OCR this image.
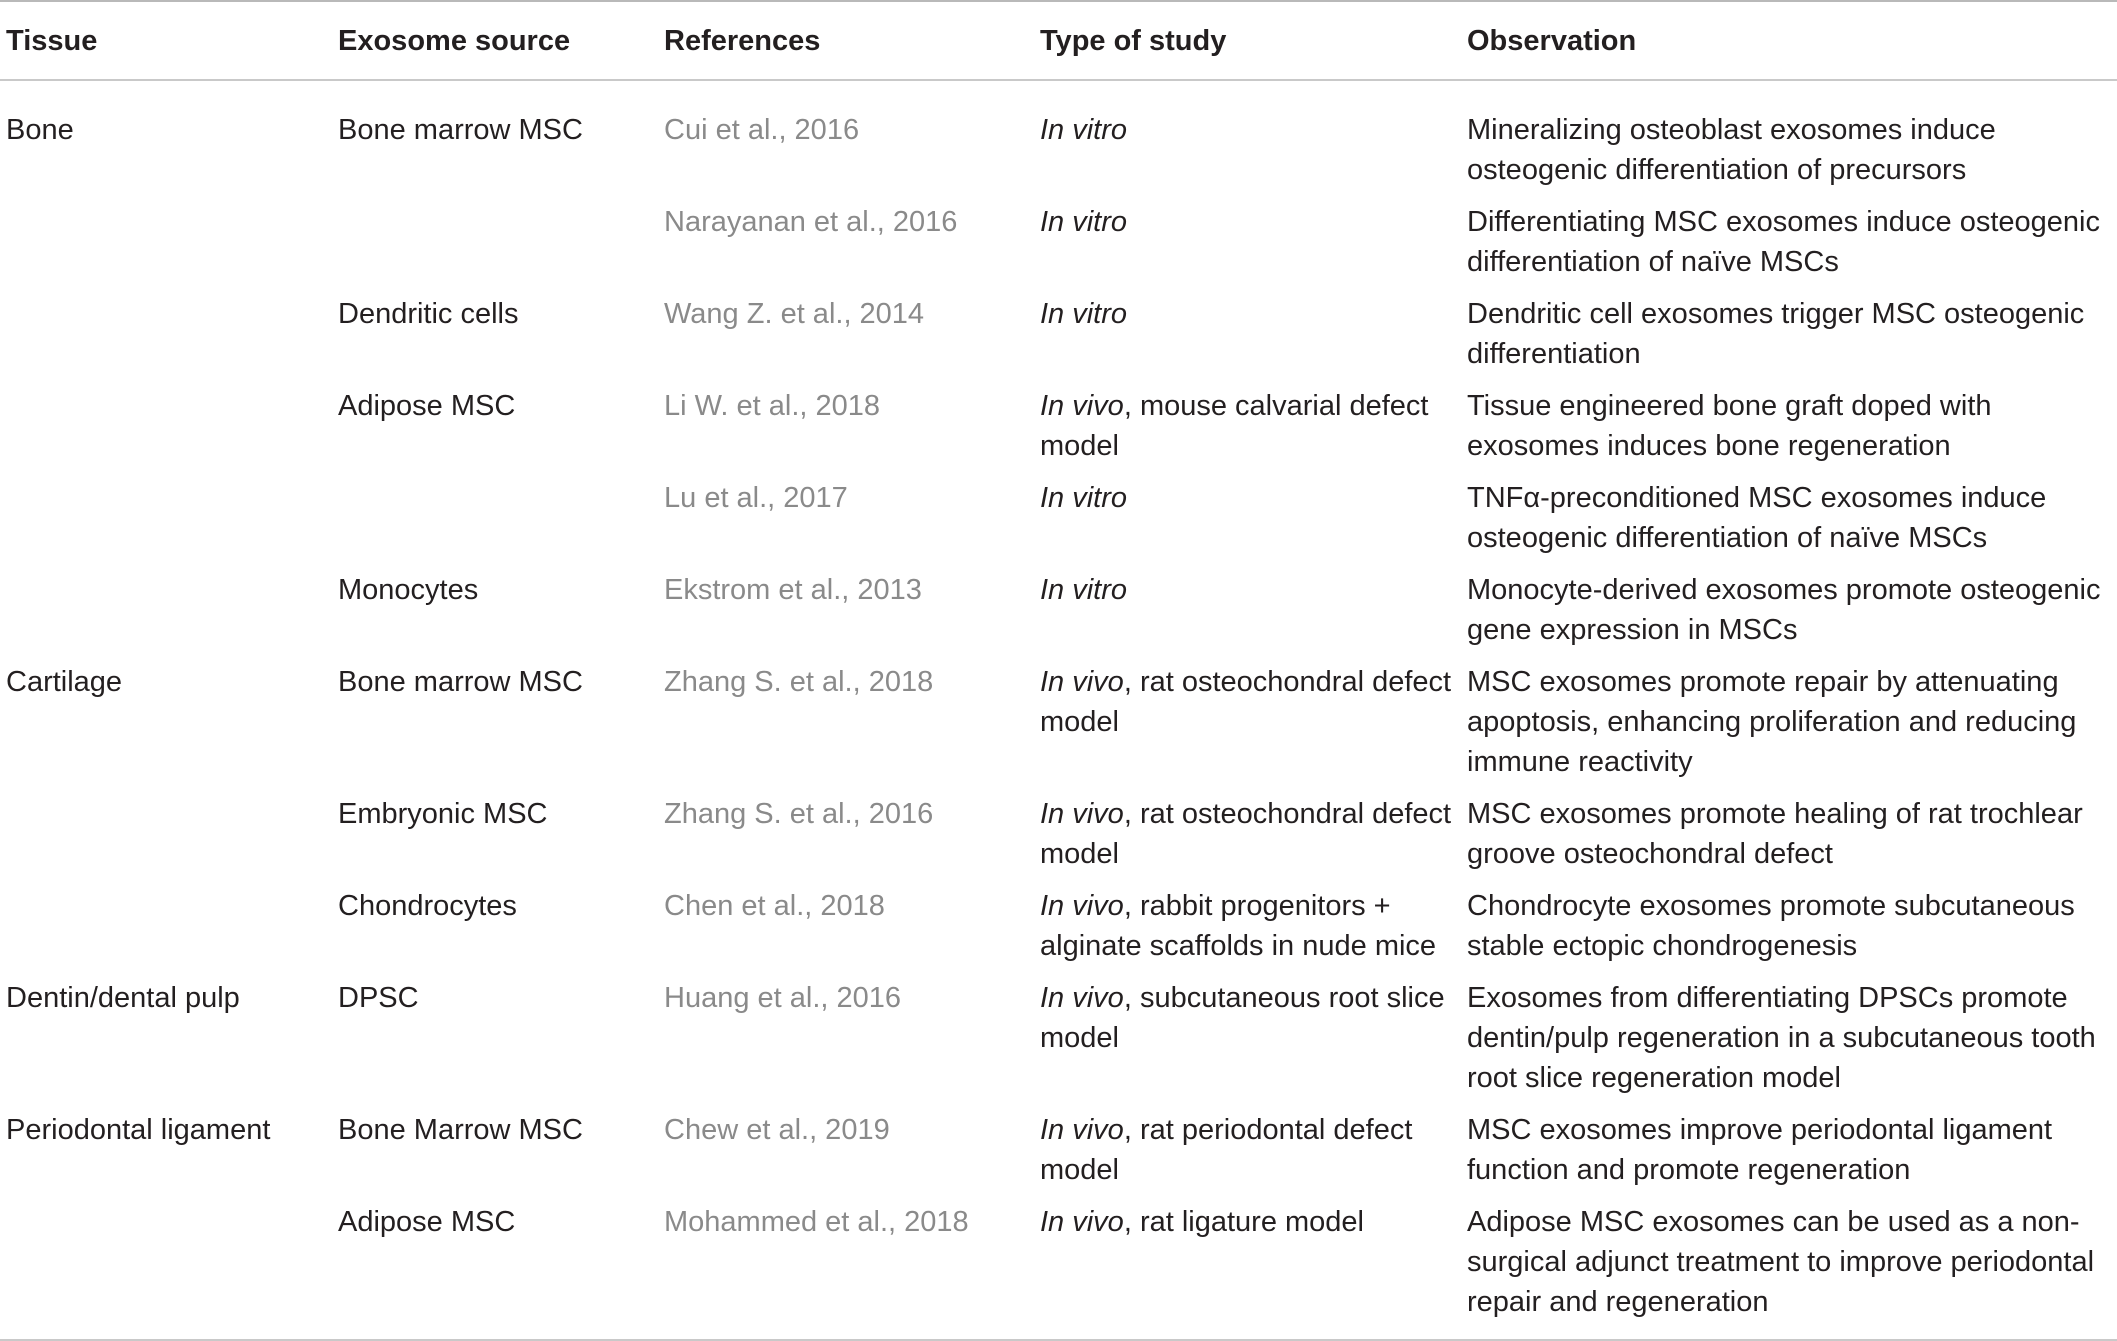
Tissue	Exosome source	References	Type of study	Observation
Bone	Bone marrow MSC	Cui et al., 2016	In vitro	Mineralizing osteoblast exosomes induce osteogenic differentiation of precursors
		Narayanan et al., 2016	In vitro	Differentiating MSC exosomes induce osteogenic differentiation of naïve MSCs
	Dendritic cells	Wang Z. et al., 2014	In vitro	Dendritic cell exosomes trigger MSC osteogenic differentiation
	Adipose MSC	Li W. et al., 2018	In vivo, mouse calvarial defect model	Tissue engineered bone graft doped with exosomes induces bone regeneration
		Lu et al., 2017	In vitro	TNFα-preconditioned MSC exosomes induce osteogenic differentiation of naïve MSCs
	Monocytes	Ekstrom et al., 2013	In vitro	Monocyte-derived exosomes promote osteogenic gene expression in MSCs
Cartilage	Bone marrow MSC	Zhang S. et al., 2018	In vivo, rat osteochondral defect model	MSC exosomes promote repair by attenuating apoptosis, enhancing proliferation and reducing immune reactivity
	Embryonic MSC	Zhang S. et al., 2016	In vivo, rat osteochondral defect model	MSC exosomes promote healing of rat trochlear groove osteochondral defect
	Chondrocytes	Chen et al., 2018	In vivo, rabbit progenitors + alginate scaffolds in nude mice	Chondrocyte exosomes promote subcutaneous stable ectopic chondrogenesis
Dentin/dental pulp	DPSC	Huang et al., 2016	In vivo, subcutaneous root slice model	Exosomes from differentiating DPSCs promote dentin/pulp regeneration in a subcutaneous tooth root slice regeneration model
Periodontal ligament	Bone Marrow MSC	Chew et al., 2019	In vivo, rat periodontal defect model	MSC exosomes improve periodontal ligament function and promote regeneration
	Adipose MSC	Mohammed et al., 2018	In vivo, rat ligature model	Adipose MSC exosomes can be used as a non-surgical adjunct treatment to improve periodontal repair and regeneration
